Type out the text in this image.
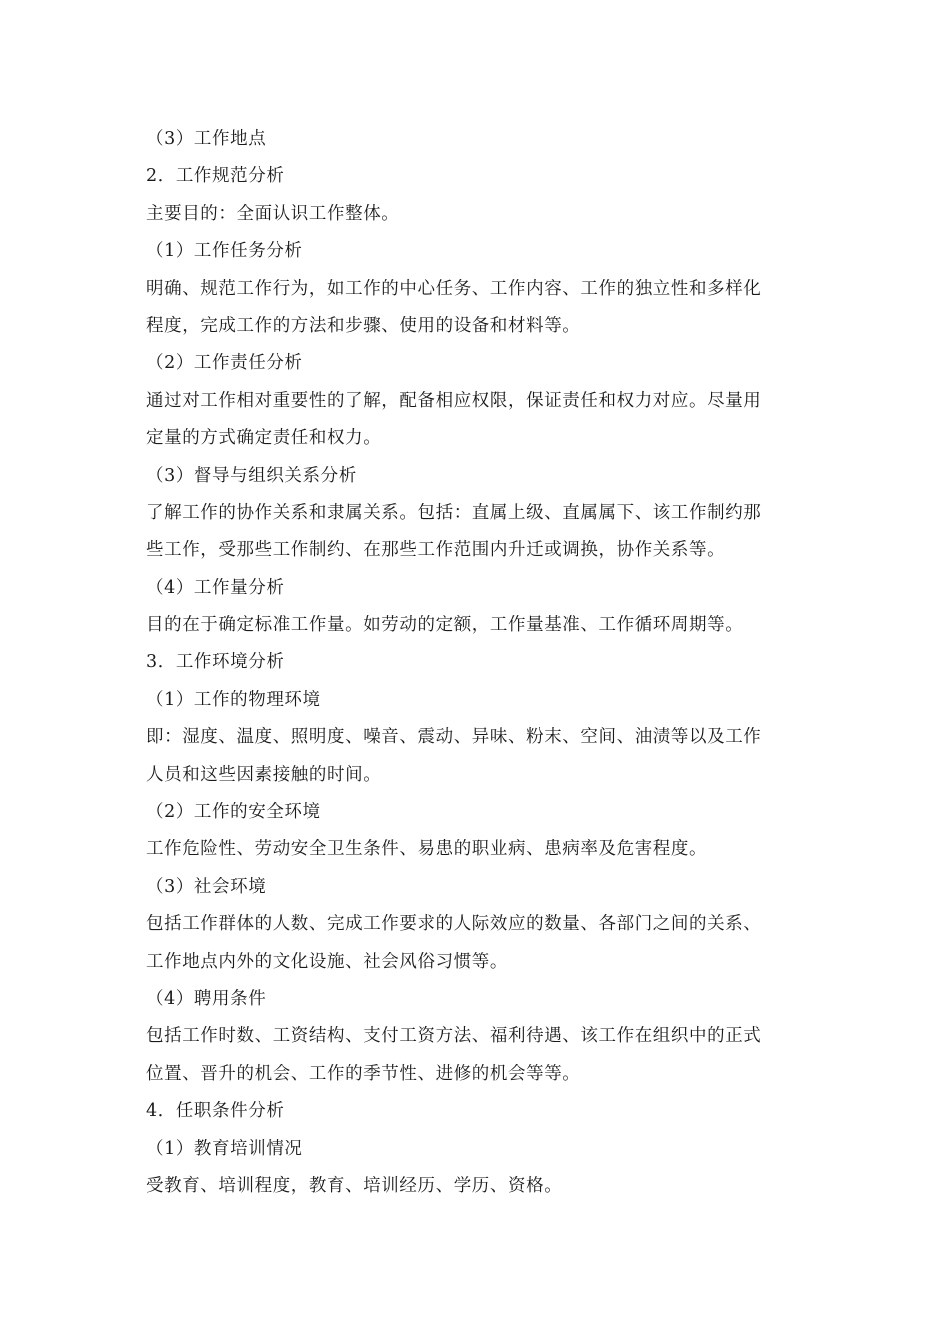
（3）工作地点
2．工作规范分析
主要目的：全面认识工作整体。
（1）工作任务分析
明确、规范工作行为，如工作的中心任务、工作内容、工作的独立性和多样化
程度，完成工作的方法和步骤、使用的设备和材料等。
（2）工作责任分析
通过对工作相对重要性的了解，配备相应权限，保证责任和权力对应。尽量用
定量的方式确定责任和权力。
（3）督导与组织关系分析
了解工作的协作关系和隶属关系。包括：直属上级、直属属下、该工作制约那
些工作，受那些工作制约、在那些工作范围内升迁或调换，协作关系等。
（4）工作量分析
目的在于确定标准工作量。如劳动的定额，工作量基准、工作循环周期等。
3．工作环境分析
（1）工作的物理环境
即：湿度、温度、照明度、噪音、震动、异味、粉末、空间、油渍等以及工作
人员和这些因素接触的时间。
（2）工作的安全环境
工作危险性、劳动安全卫生条件、易患的职业病、患病率及危害程度。
（3）社会环境
包括工作群体的人数、完成工作要求的人际效应的数量、各部门之间的关系、
工作地点内外的文化设施、社会风俗习惯等。
（4）聘用条件
包括工作时数、工资结构、支付工资方法、福利待遇、该工作在组织中的正式
位置、晋升的机会、工作的季节性、进修的机会等等。
4．任职条件分析
（1）教育培训情况
受教育、培训程度，教育、培训经历、学历、资格。
